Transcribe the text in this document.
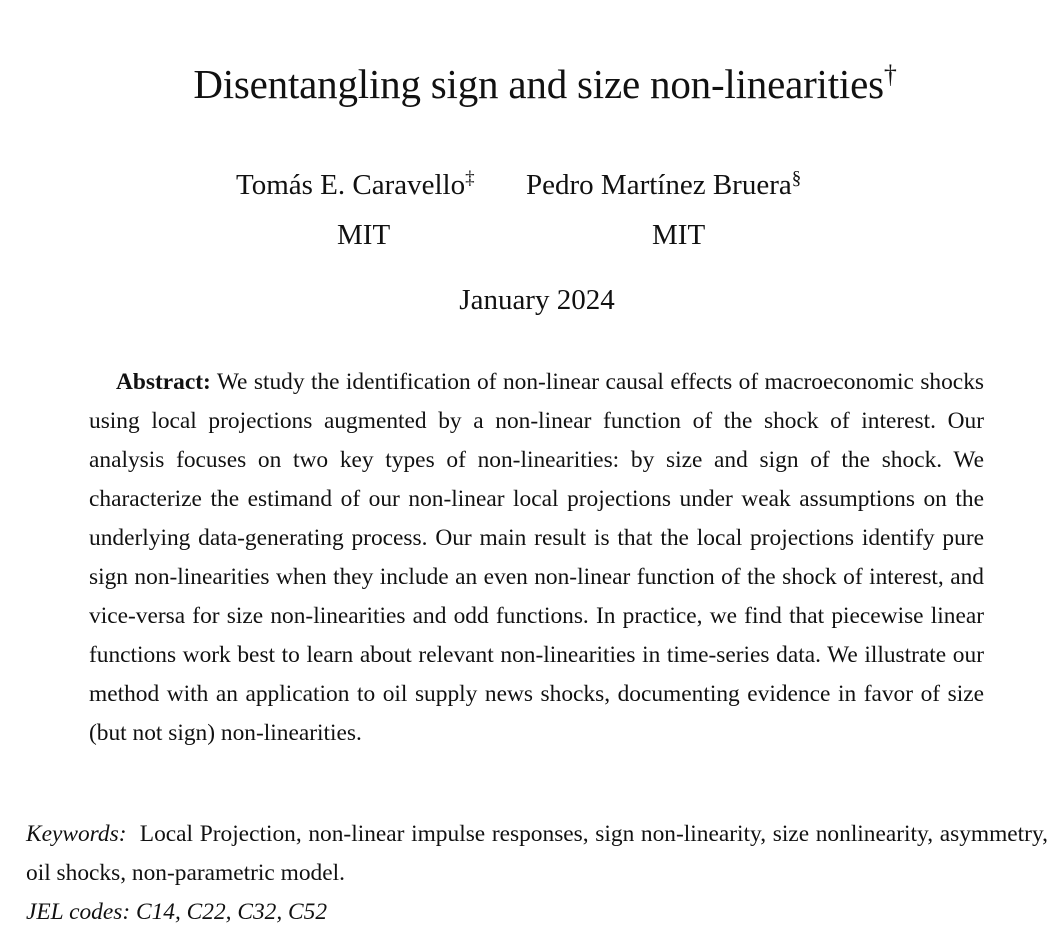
Disentangling sign and size non-linearities†
Tomás E. Caravello‡ Pedro Martínez Bruera§
MIT	MIT
January 2024
Abstract: We study the identification of non-linear causal effects of macroeconomic shocks using local projections augmented by a non-linear function of the shock of interest. Our analysis focuses on two key types of non-linearities: by size and sign of the shock. We characterize the estimand of our non-linear local projections under weak assumptions on the underlying data-generating process. Our main result is that the local projections identify pure sign non-linearities when they include an even non-linear function of the shock of interest, and vice-versa for size non-linearities and odd functions. In practice, we find that piecewise linear functions work best to learn about relevant non-linearities in time-series data. We illustrate our method with an application to oil supply news shocks, documenting evidence in favor of size (but not sign) non-linearities.
Keywords: Local Projection, non-linear impulse responses, sign non-linearity, size nonlinearity, asymmetry, oil shocks, non-parametric model.
JEL codes: C14, C22, C32, C52
